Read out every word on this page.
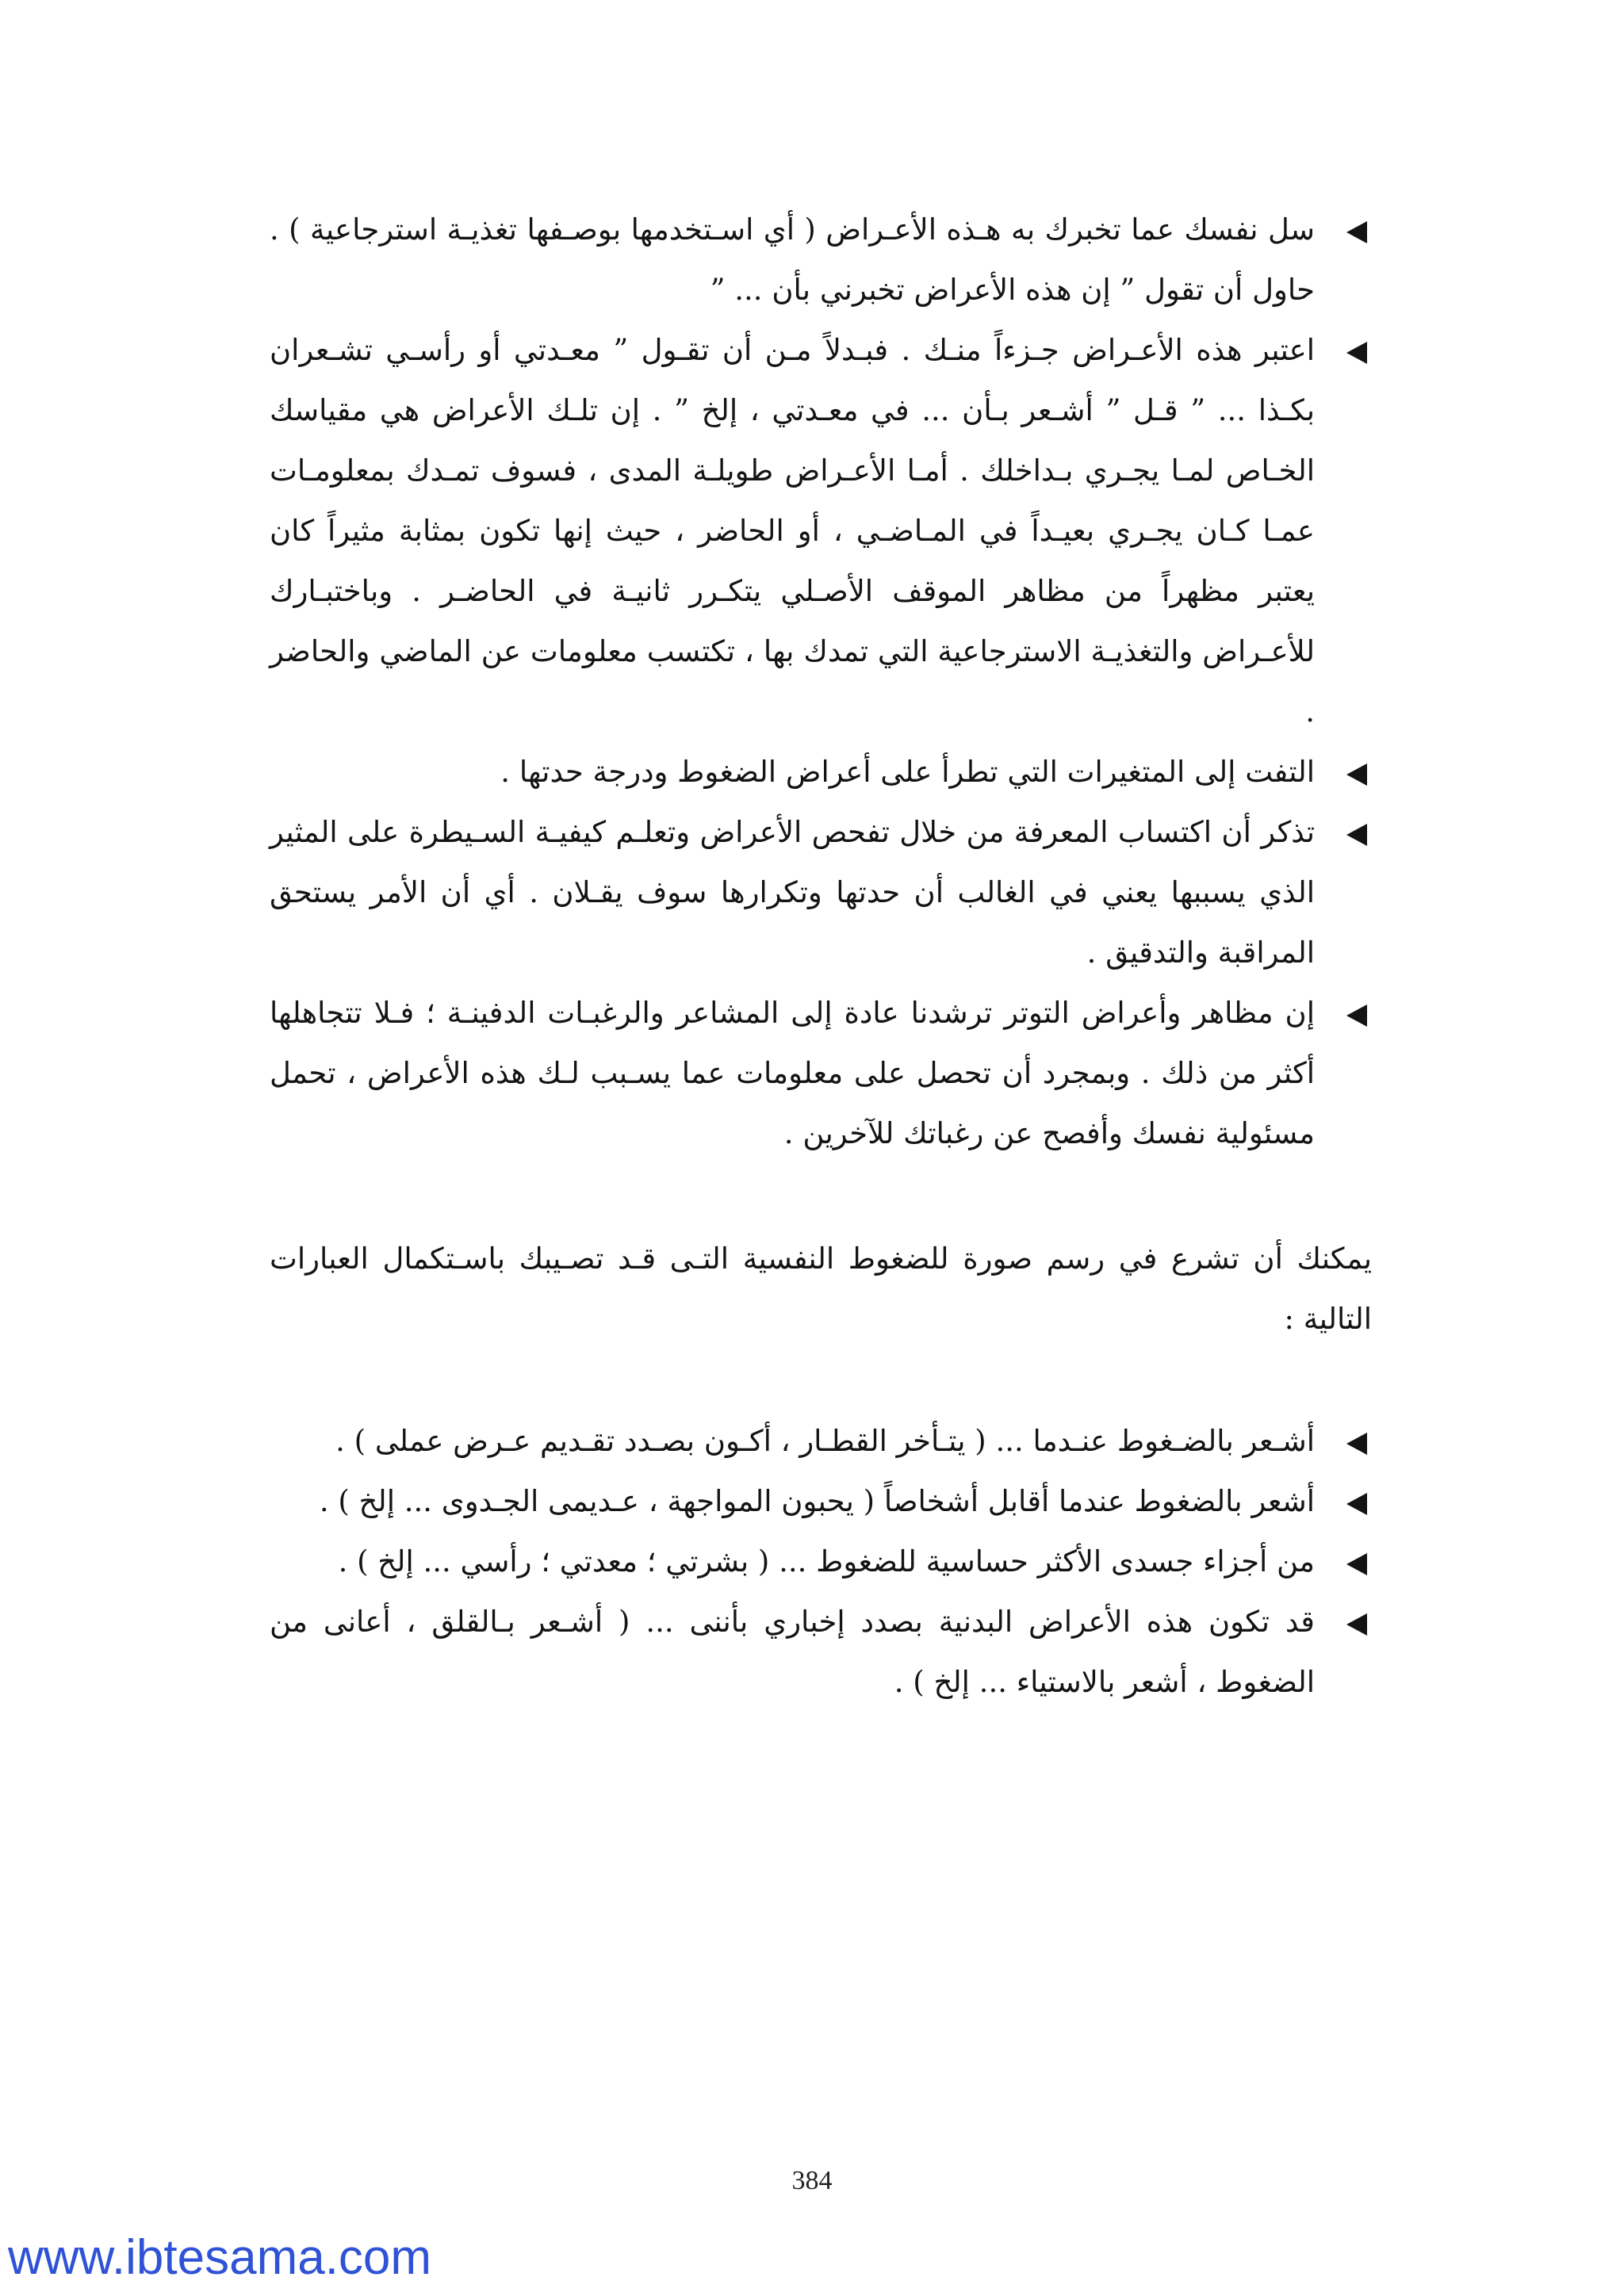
سل نفسك عما تخبرك به هـذه الأعـراض ( أي اسـتخدمها بوصـفها تغذيـة استرجاعية ) . حاول أن تقول ” إن هذه الأعراض تخبرني بأن ... ”
اعتبر هذه الأعـراض جـزءاً منـك . فبـدلاً مـن أن تقـول ” معـدتي أو رأسـي تشـعران بكـذا ... ” قـل ” أشـعر بـأن ... في معـدتي ، إلخ ” . إن تلـك الأعراض هي مقياسك الخـاص لمـا يجـري بـداخلك . أمـا الأعـراض طويلـة المدى ، فسوف تمـدك بمعلومـات عمـا كـان يجـري بعيـداً في المـاضـي ، أو الحاضر ، حيث إنها تكون بمثابة مثيراً كان يعتبر مظهراً من مظاهر الموقف الأصـلي يتكـرر ثانيـة في الحاضـر . وباختبـارك للأعـراض والتغذيـة الاسترجاعية التي تمدك بها ، تكتسب معلومات عن الماضي والحاضر .
التفت إلى المتغيرات التي تطرأ على أعراض الضغوط ودرجة حدتها .
تذكر أن اكتساب المعرفة من خلال تفحص الأعراض وتعلـم كيفيـة السـيطرة على المثير الذي يسببها يعني في الغالب أن حدتها وتكرارها سوف يقـلان . أي أن الأمر يستحق المراقبة والتدقيق .
إن مظاهر وأعراض التوتر ترشدنا عادة إلى المشاعر والرغبـات الدفينـة ؛ فـلا تتجاهلها أكثر من ذلك . وبمجرد أن تحصل على معلومات عما يسـبب لـك هذه الأعراض ، تحمل مسئولية نفسك وأفصح عن رغباتك للآخرين .

يمكنك أن تشرع في رسم صورة للضغوط النفسية التـى قـد تصـيبك باسـتكمال العبارات التالية :

أشـعر بالضـغوط عنـدما ... ( يتـأخر القطـار ، أكـون بصـدد تقـديم عـرض عملى ) .
أشعر بالضغوط عندما أقابل أشخاصاً ( يحبون المواجهة ، عـديمى الجـدوى ... إلخ ) .
من أجزاء جسدى الأكثر حساسية للضغوط ... ( بشرتي ؛ معدتي ؛ رأسي ... إلخ ) .
قد تكون هذه الأعراض البدنية بصدد إخباري بأننى ... ( أشـعر بـالقلق ، أعانى من الضغوط ، أشعر بالاستياء ... إلخ ) .
384
www.ibtesama.com
